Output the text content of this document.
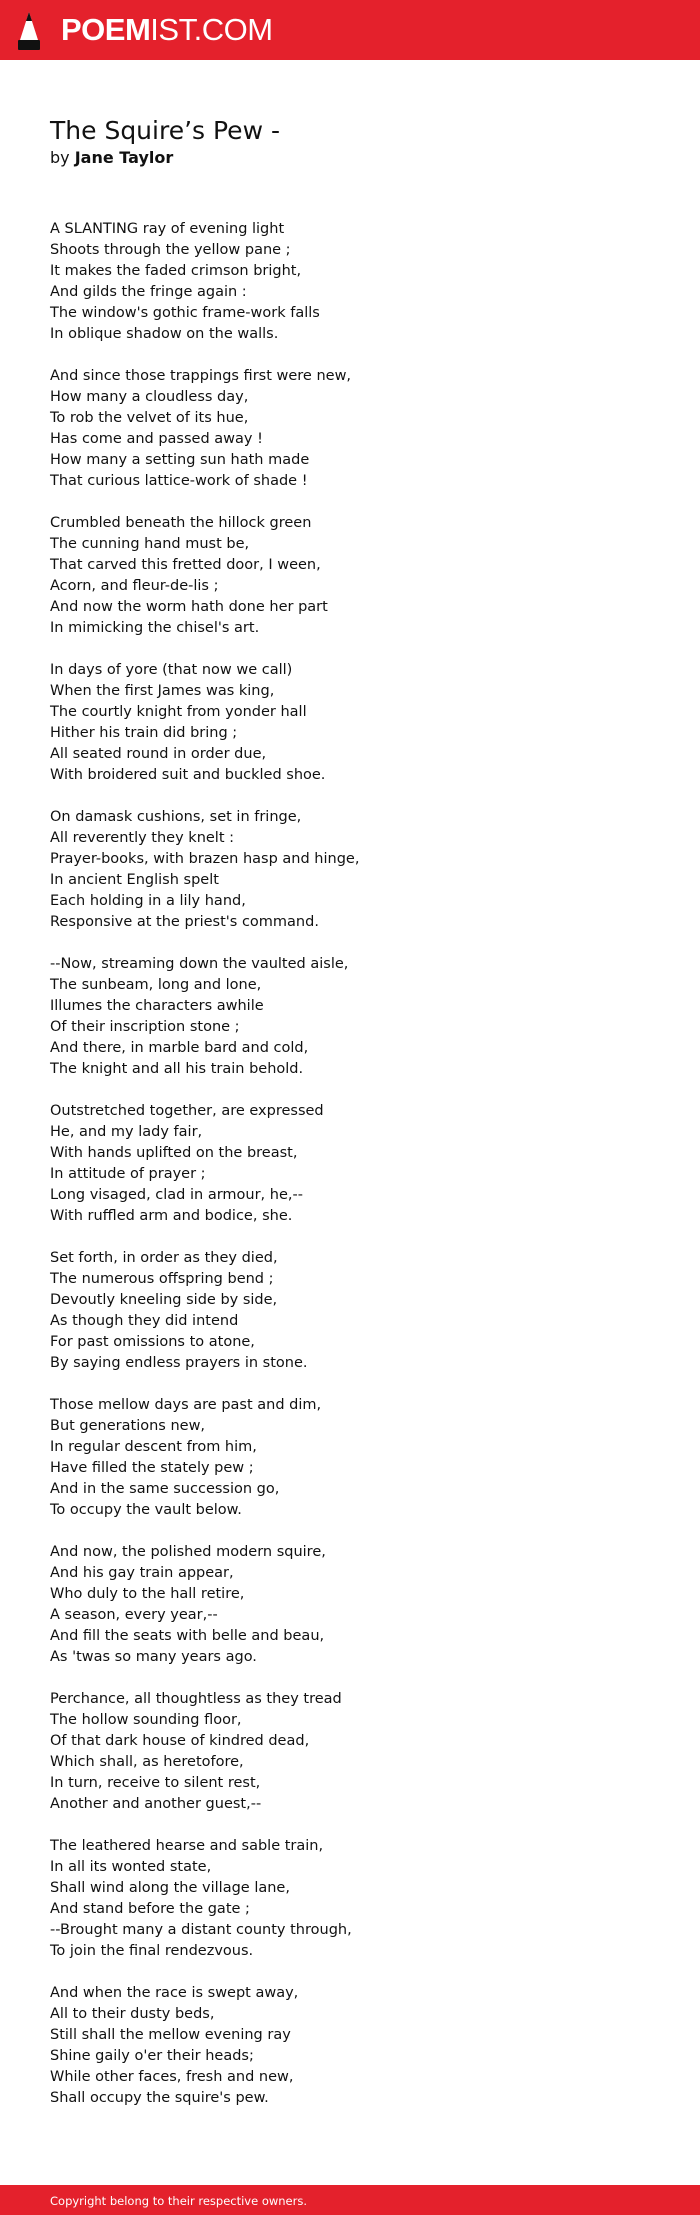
POEMIST.COM
The Squire’s Pew -
by Jane Taylor
A SLANTING ray of evening light
Shoots through the yellow pane ;
It makes the faded crimson bright,
And gilds the fringe again :
The window's gothic frame-work falls
In oblique shadow on the walls.
And since those trappings first were new,
How many a cloudless day,
To rob the velvet of its hue,
Has come and passed away !
How many a setting sun hath made
That curious lattice-work of shade !
Crumbled beneath the hillock green
The cunning hand must be,
That carved this fretted door, I ween,
Acorn, and fleur-de-lis ;
And now the worm hath done her part
In mimicking the chisel's art.
In days of yore (that now we call)
When the first James was king,
The courtly knight from yonder hall
Hither his train did bring ;
All seated round in order due,
With broidered suit and buckled shoe.
On damask cushions, set in fringe,
All reverently they knelt :
Prayer-books, with brazen hasp and hinge,
In ancient English spelt
Each holding in a lily hand,
Responsive at the priest's command.
--Now, streaming down the vaulted aisle,
The sunbeam, long and lone,
Illumes the characters awhile
Of their inscription stone ;
And there, in marble bard and cold,
The knight and all his train behold.
Outstretched together, are expressed
He, and my lady fair,
With hands uplifted on the breast,
In attitude of prayer ;
Long visaged, clad in armour, he,--
With ruffled arm and bodice, she.
Set forth, in order as they died,
The numerous offspring bend ;
Devoutly kneeling side by side,
As though they did intend
For past omissions to atone,
By saying endless prayers in stone.
Those mellow days are past and dim,
But generations new,
In regular descent from him,
Have filled the stately pew ;
And in the same succession go,
To occupy the vault below.
And now, the polished modern squire,
And his gay train appear,
Who duly to the hall retire,
A season, every year,--
And fill the seats with belle and beau,
As 'twas so many years ago.
Perchance, all thoughtless as they tread
The hollow sounding floor,
Of that dark house of kindred dead,
Which shall, as heretofore,
In turn, receive to silent rest,
Another and another guest,--
The leathered hearse and sable train,
In all its wonted state,
Shall wind along the village lane,
And stand before the gate ;
--Brought many a distant county through,
To join the final rendezvous.
And when the race is swept away,
All to their dusty beds,
Still shall the mellow evening ray
Shine gaily o'er their heads;
While other faces, fresh and new,
Shall occupy the squire's pew.
Copyright belong to their respective owners.
